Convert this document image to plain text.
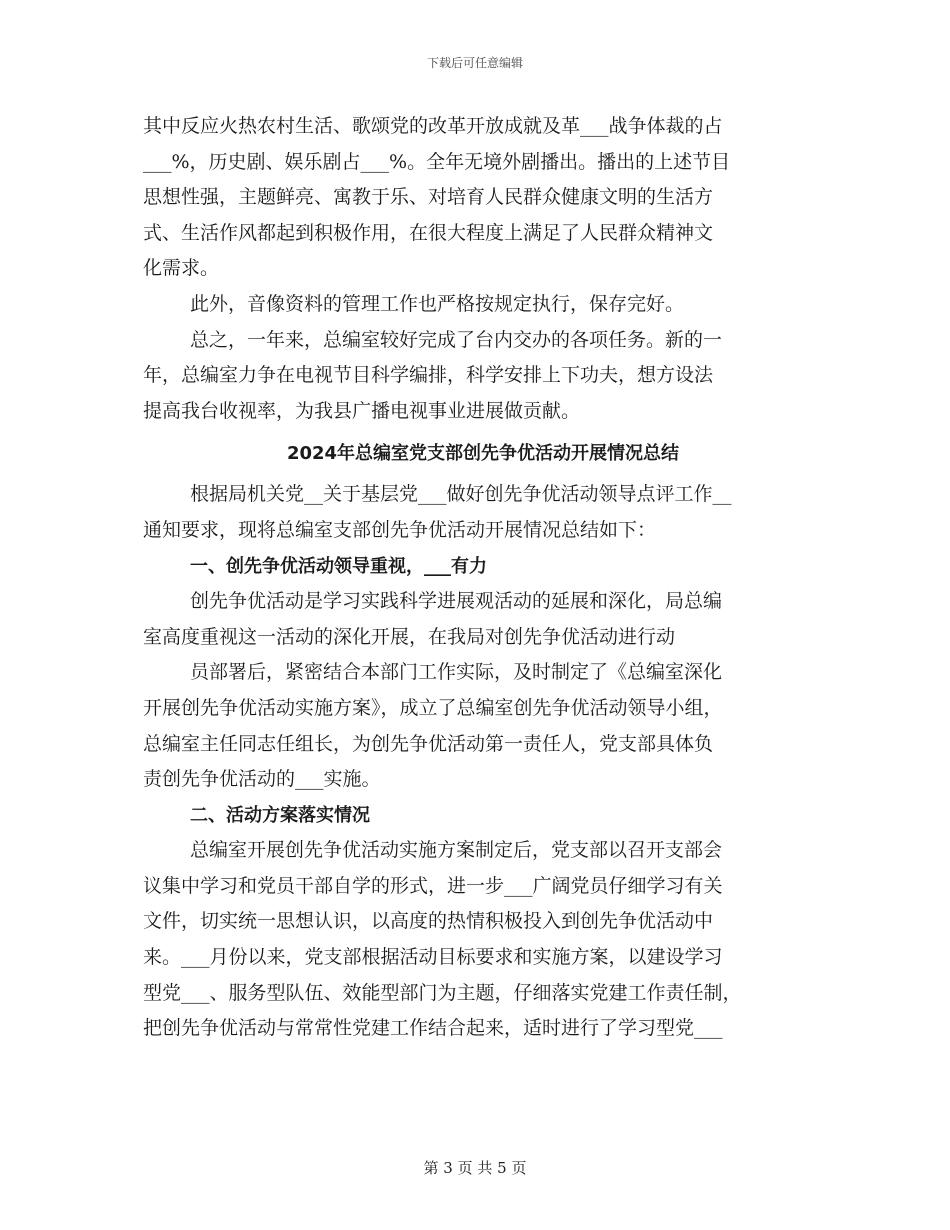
下载后可任意编辑
其中反应火热农村生活、歌颂党的改革开放成就及革___战争体裁的占
___%，历史剧、娱乐剧占___%。全年无境外剧播出。播出的上述节目
思想性强，主题鲜亮、寓教于乐、对培育人民群众健康文明的生活方
式、生活作风都起到积极作用，在很大程度上满足了人民群众精神文
化需求。
此外，音像资料的管理工作也严格按规定执行，保存完好。
总之，一年来，总编室较好完成了台内交办的各项任务。新的一
年，总编室力争在电视节目科学编排，科学安排上下功夫，想方设法
提高我台收视率，为我县广播电视事业进展做贡献。
2024年总编室党支部创先争优活动开展情况总结
根据局机关党__关于基层党___做好创先争优活动领导点评工作__
通知要求，现将总编室支部创先争优活动开展情况总结如下：
一、创先争优活动领导重视，___有力
创先争优活动是学习实践科学进展观活动的延展和深化，局总编
室高度重视这一活动的深化开展，在我局对创先争优活动进行动
员部署后，紧密结合本部门工作实际，及时制定了《总编室深化
开展创先争优活动实施方案》，成立了总编室创先争优活动领导小组，
总编室主任同志任组长，为创先争优活动第一责任人，党支部具体负
责创先争优活动的___实施。
二、活动方案落实情况
总编室开展创先争优活动实施方案制定后，党支部以召开支部会
议集中学习和党员干部自学的形式，进一步___广阔党员仔细学习有关
文件，切实统一思想认识，以高度的热情积极投入到创先争优活动中
来。___月份以来，党支部根据活动目标要求和实施方案，以建设学习
型党___、服务型队伍、效能型部门为主题，仔细落实党建工作责任制，
把创先争优活动与常常性党建工作结合起来，适时进行了学习型党___
第 3 页 共 5 页
